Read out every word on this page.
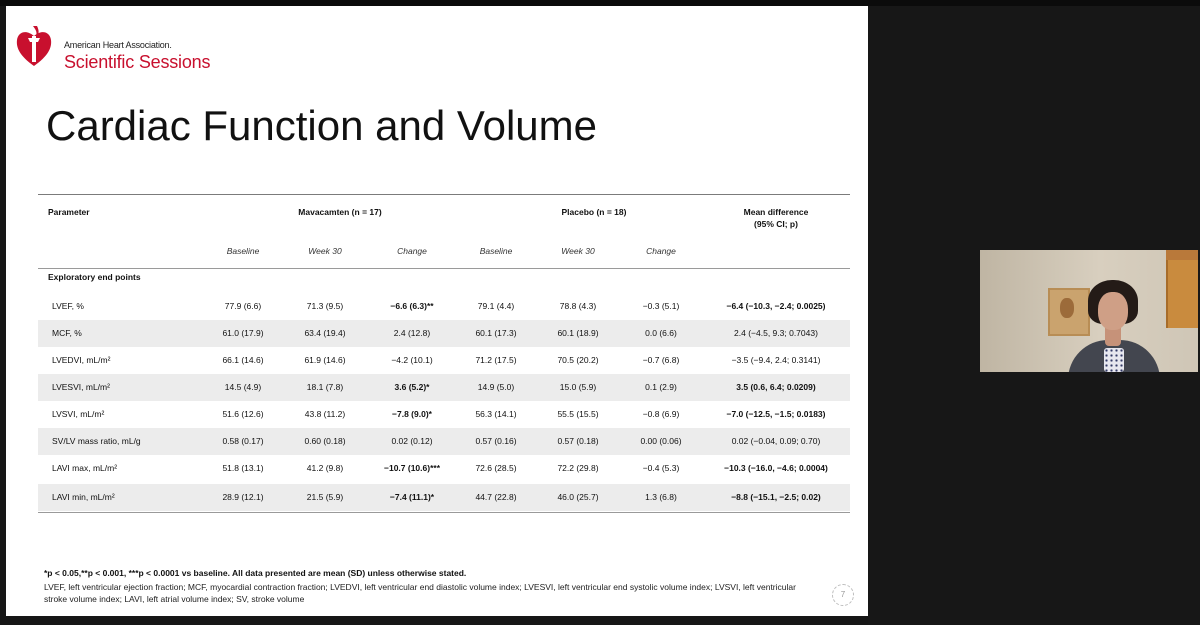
American Heart Association.
Scientific Sessions
Cardiac Function and Volume
Parameter	Mavacamten (n = 17)	Placebo (n = 18)	Mean difference
(95% CI; p)
Baseline	Week 30	Change	Baseline	Week 30	Change
Exploratory end points
LVEF, %	77.9 (6.6)	71.3 (9.5)	−6.6 (6.3)**	79.1 (4.4)	78.8 (4.3)	−0.3 (5.1)	−6.4 (−10.3, −2.4; 0.0025)
MCF, %	61.0 (17.9)	63.4 (19.4)	2.4 (12.8)	60.1 (17.3)	60.1 (18.9)	0.0 (6.6)	2.4 (−4.5, 9.3; 0.7043)
LVEDVI, mL/m²	66.1 (14.6)	61.9 (14.6)	−4.2 (10.1)	71.2 (17.5)	70.5 (20.2)	−0.7 (6.8)	−3.5 (−9.4, 2.4; 0.3141)
LVESVI, mL/m²	14.5 (4.9)	18.1 (7.8)	3.6 (5.2)*	14.9 (5.0)	15.0 (5.9)	0.1 (2.9)	3.5 (0.6, 6.4; 0.0209)
LVSVI, mL/m²	51.6 (12.6)	43.8 (11.2)	−7.8 (9.0)*	56.3 (14.1)	55.5 (15.5)	−0.8 (6.9)	−7.0 (−12.5, −1.5; 0.0183)
SV/LV mass ratio, mL/g	0.58 (0.17)	0.60 (0.18)	0.02 (0.12)	0.57 (0.16)	0.57 (0.18)	0.00 (0.06)	0.02 (−0.04, 0.09; 0.70)
LAVI max, mL/m²	51.8 (13.1)	41.2 (9.8)	−10.7 (10.6)***	72.6 (28.5)	72.2 (29.8)	−0.4 (5.3)	−10.3 (−16.0, −4.6; 0.0004)
LAVI min, mL/m²	28.9 (12.1)	21.5 (5.9)	−7.4 (11.1)*	44.7 (22.8)	46.0 (25.7)	1.3 (6.8)	−8.8 (−15.1, −2.5; 0.02)
*p < 0.05,**p < 0.001, ***p < 0.0001 vs baseline. All data presented are mean (SD) unless otherwise stated.
LVEF, left ventricular ejection fraction; MCF, myocardial contraction fraction; LVEDVI, left ventricular end diastolic volume index; LVESVI, left ventricular end systolic volume index; LVSVI, left ventricular stroke volume index; LAVI, left atrial volume index; SV, stroke volume	7
